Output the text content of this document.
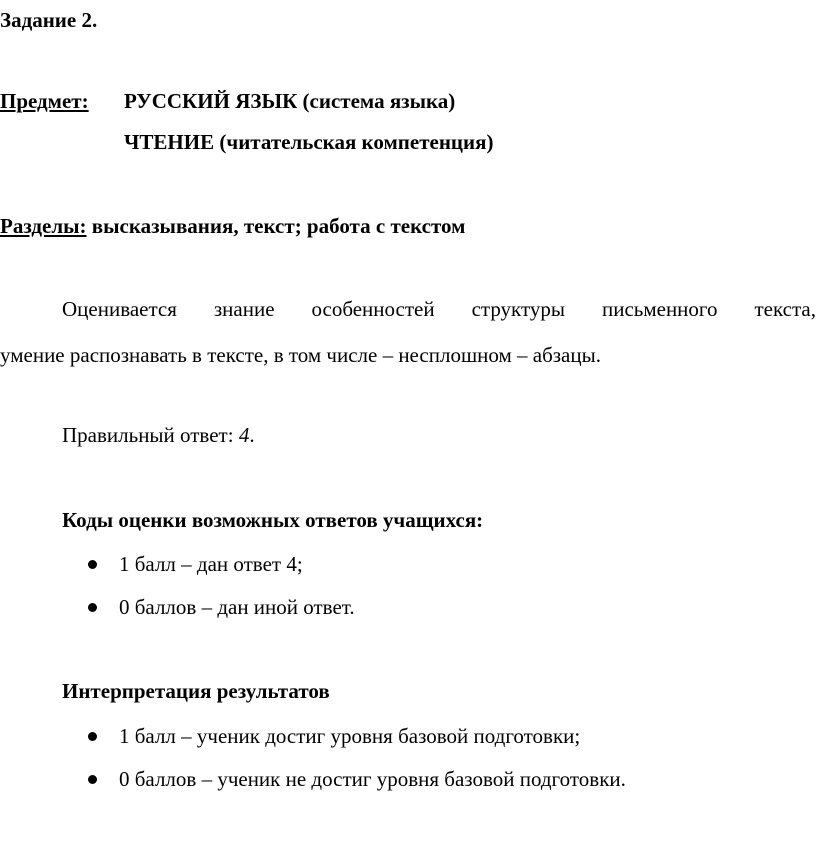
Задание 2.
Предмет: РУССКИЙ ЯЗЫК (система языка)
ЧТЕНИЕ (читательская компетенция)
Разделы: высказывания, текст; работа с текстом
Оценивается знание особенностей структуры письменного текста,
умение распознавать в тексте, в том числе – несплошном – абзацы.
Правильный ответ: 4.
Коды оценки возможных ответов учащихся:
1 балл – дан ответ 4;
0 баллов – дан иной ответ.
Интерпретация результатов
1 балл – ученик достиг уровня базовой подготовки;
0 баллов – ученик не достиг уровня базовой подготовки.
